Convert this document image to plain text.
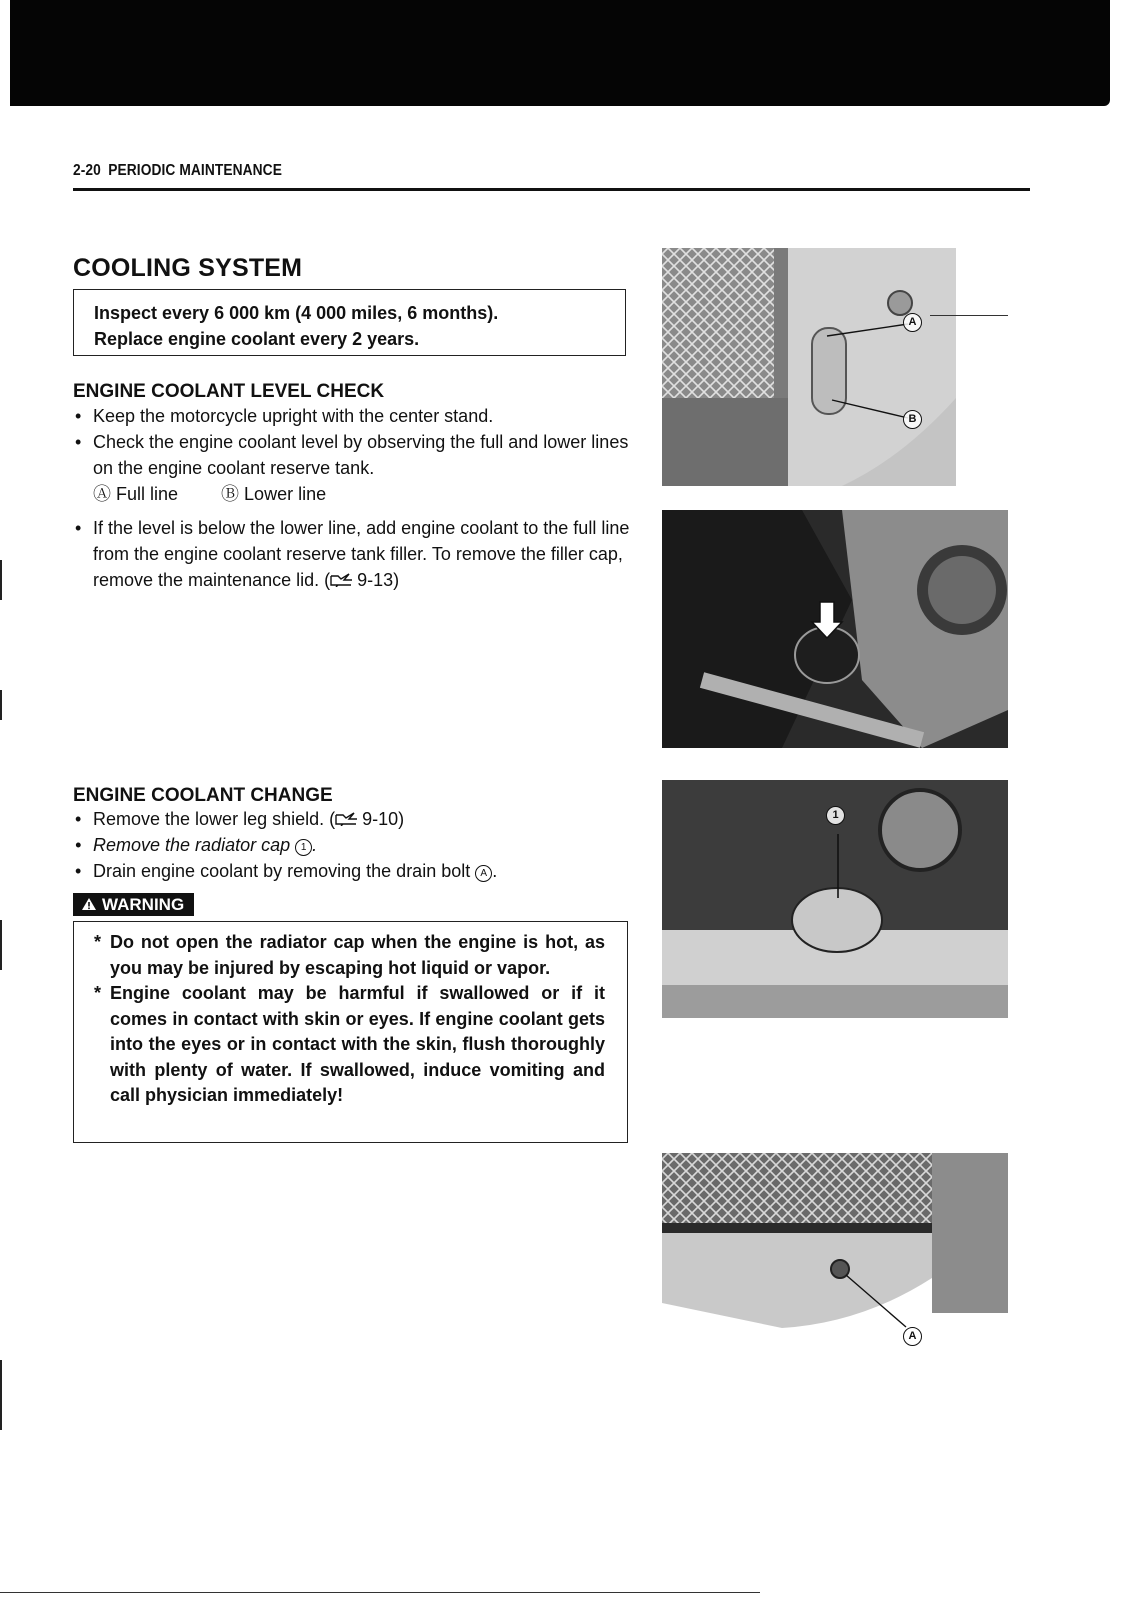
2-20 PERIODIC MAINTENANCE
COOLING SYSTEM
Inspect every 6 000 km (4 000 miles, 6 months).
Replace engine coolant every 2 years.
ENGINE COOLANT LEVEL CHECK
• Keep the motorcycle upright with the center stand.
• Check the engine coolant level by observing the full and lower lines on the engine coolant reserve tank.
Ⓐ Full line Ⓑ Lower line
• If the level is below the lower line, add engine coolant to the full line from the engine coolant reserve tank filler. To remove the filler cap, remove the maintenance lid. ( 9-13)
ENGINE COOLANT CHANGE
• Remove the lower leg shield. ( 9-10)
• Remove the radiator cap 1 .
• Drain engine coolant by removing the drain bolt A .
WARNING
* Do not open the radiator cap when the engine is hot, as you may be injured by escaping hot liquid or vapor.
* Engine coolant may be harmful if swallowed or if it comes in contact with skin or eyes. If engine coolant gets into the eyes or in contact with the skin, flush thoroughly with plenty of water. If swallowed, induce vomiting and call physician immediately!
A
B
1
A
